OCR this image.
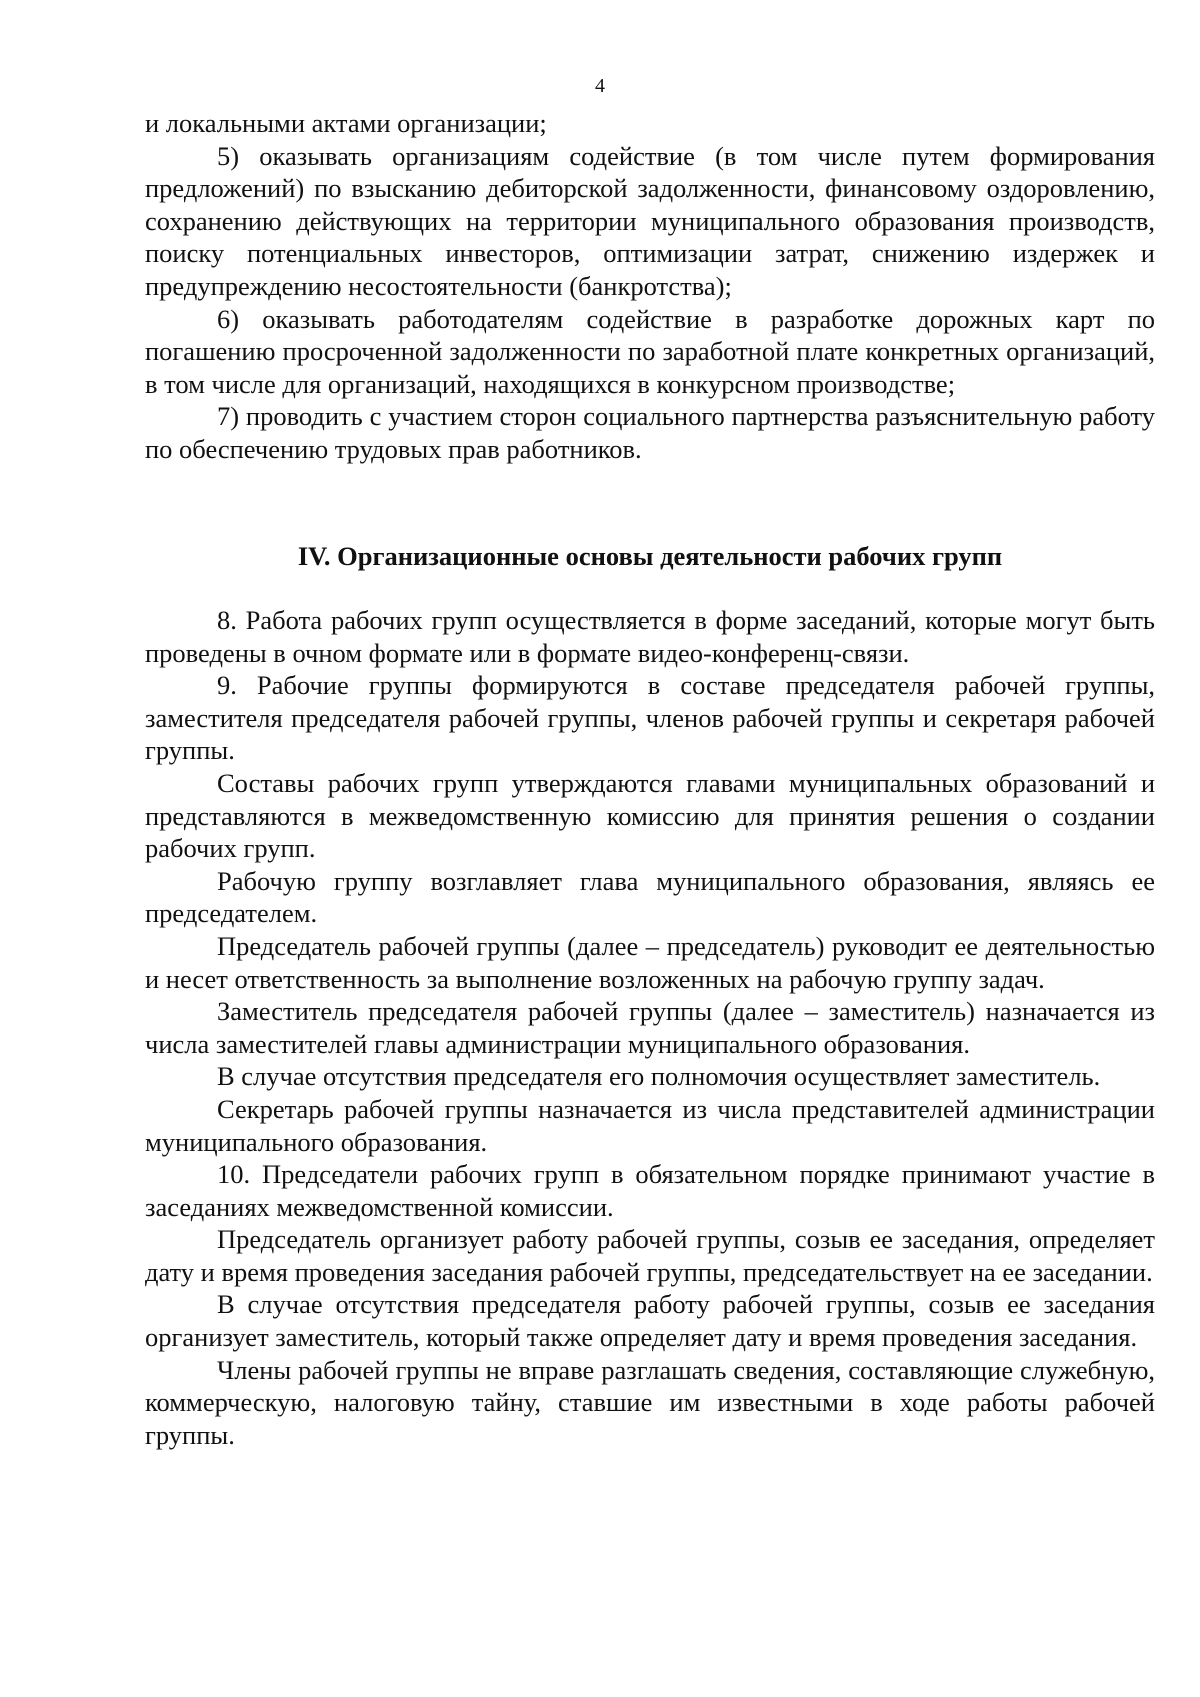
4

и локальными актами организации;

5) оказывать организациям содействие (в том числе путем формирования предложений) по взысканию дебиторской задолженности, финансовому оздоровлению, сохранению действующих на территории муниципального образования производств, поиску потенциальных инвесторов, оптимизации затрат, снижению издержек и предупреждению несостоятельности (банкротства);

6) оказывать работодателям содействие в разработке дорожных карт по погашению просроченной задолженности по заработной плате конкретных организаций, в том числе для организаций, находящихся в конкурсном производстве;

7) проводить с участием сторон социального партнерства разъяснительную работу по обеспечению трудовых прав работников.

IV. Организационные основы деятельности рабочих групп

8. Работа рабочих групп осуществляется в форме заседаний, которые могут быть проведены в очном формате или в формате видео-конференц-связи.

9. Рабочие группы формируются в составе председателя рабочей группы, заместителя председателя рабочей группы, членов рабочей группы и секретаря рабочей группы.

Составы рабочих групп утверждаются главами муниципальных образований и представляются в межведомственную комиссию для принятия решения о создании рабочих групп.

Рабочую группу возглавляет глава муниципального образования, являясь ее председателем.

Председатель рабочей группы (далее – председатель) руководит ее деятельностью и несет ответственность за выполнение возложенных на рабочую группу задач.

Заместитель председателя рабочей группы (далее – заместитель) назначается из числа заместителей главы администрации муниципального образования.

В случае отсутствия председателя его полномочия осуществляет заместитель.

Секретарь рабочей группы назначается из числа представителей администрации муниципального образования.

10. Председатели рабочих групп в обязательном порядке принимают участие в заседаниях межведомственной комиссии.

Председатель организует работу рабочей группы, созыв ее заседания, определяет дату и время проведения заседания рабочей группы, председательствует на ее заседании.

В случае отсутствия председателя работу рабочей группы, созыв ее заседания организует заместитель, который также определяет дату и время проведения заседания.

Члены рабочей группы не вправе разглашать сведения, составляющие служебную, коммерческую, налоговую тайну, ставшие им известными в ходе работы рабочей группы.
